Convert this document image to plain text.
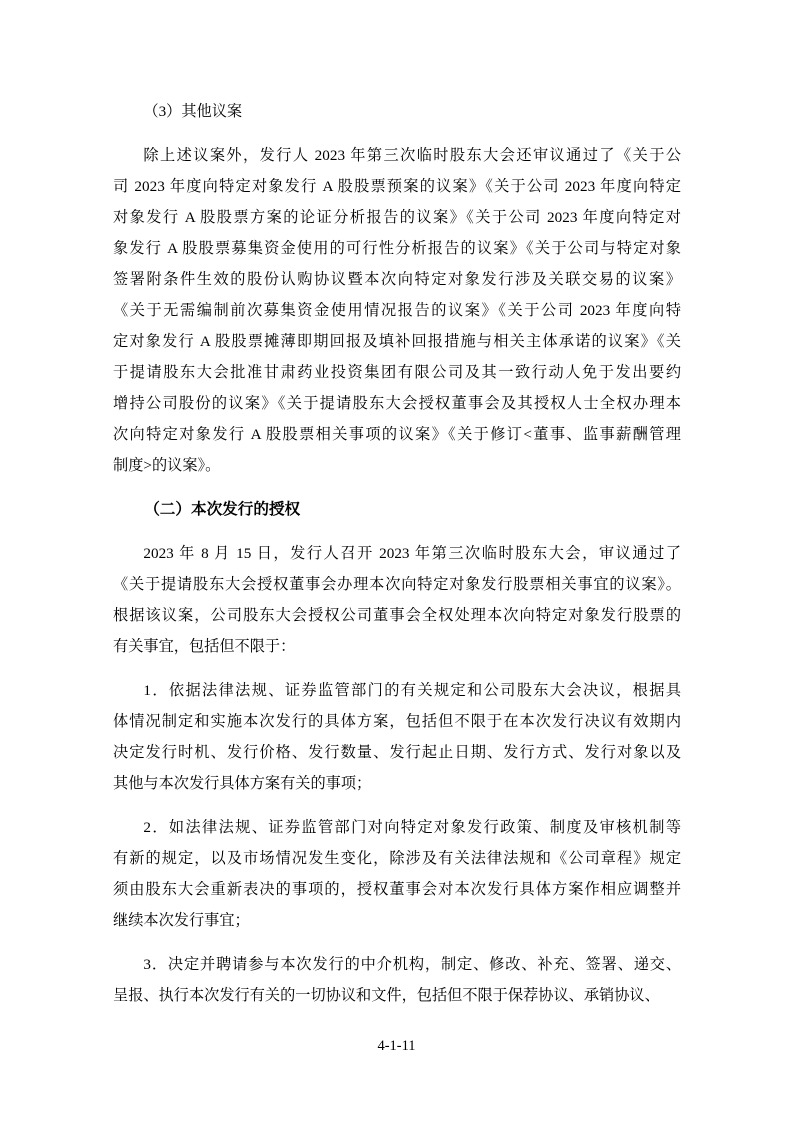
（3）其他议案
除上述议案外，发行人 2023 年第三次临时股东大会还审议通过了《关于公
司 2023 年度向特定对象发行 A 股股票预案的议案》《关于公司 2023 年度向特定
对象发行 A 股股票方案的论证分析报告的议案》《关于公司 2023 年度向特定对
象发行 A 股股票募集资金使用的可行性分析报告的议案》《关于公司与特定对象
签署附条件生效的股份认购协议暨本次向特定对象发行涉及关联交易的议案》
《关于无需编制前次募集资金使用情况报告的议案》《关于公司 2023 年度向特
定对象发行 A 股股票摊薄即期回报及填补回报措施与相关主体承诺的议案》《关
于提请股东大会批准甘肃药业投资集团有限公司及其一致行动人免于发出要约
增持公司股份的议案》《关于提请股东大会授权董事会及其授权人士全权办理本
次向特定对象发行 A 股股票相关事项的议案》《关于修订<董事、监事薪酬管理
制度>的议案》。
（二）本次发行的授权
2023 年 8 月 15 日，发行人召开 2023 年第三次临时股东大会，审议通过了
《关于提请股东大会授权董事会办理本次向特定对象发行股票相关事宜的议案》。
根据该议案，公司股东大会授权公司董事会全权处理本次向特定对象发行股票的
有关事宜，包括但不限于：
1．依据法律法规、证券监管部门的有关规定和公司股东大会决议，根据具
体情况制定和实施本次发行的具体方案，包括但不限于在本次发行决议有效期内
决定发行时机、发行价格、发行数量、发行起止日期、发行方式、发行对象以及
其他与本次发行具体方案有关的事项；
2．如法律法规、证券监管部门对向特定对象发行政策、制度及审核机制等
有新的规定，以及市场情况发生变化，除涉及有关法律法规和《公司章程》规定
须由股东大会重新表决的事项的，授权董事会对本次发行具体方案作相应调整并
继续本次发行事宜；
3．决定并聘请参与本次发行的中介机构，制定、修改、补充、签署、递交、
呈报、执行本次发行有关的一切协议和文件，包括但不限于保荐协议、承销协议、
4-1-11
